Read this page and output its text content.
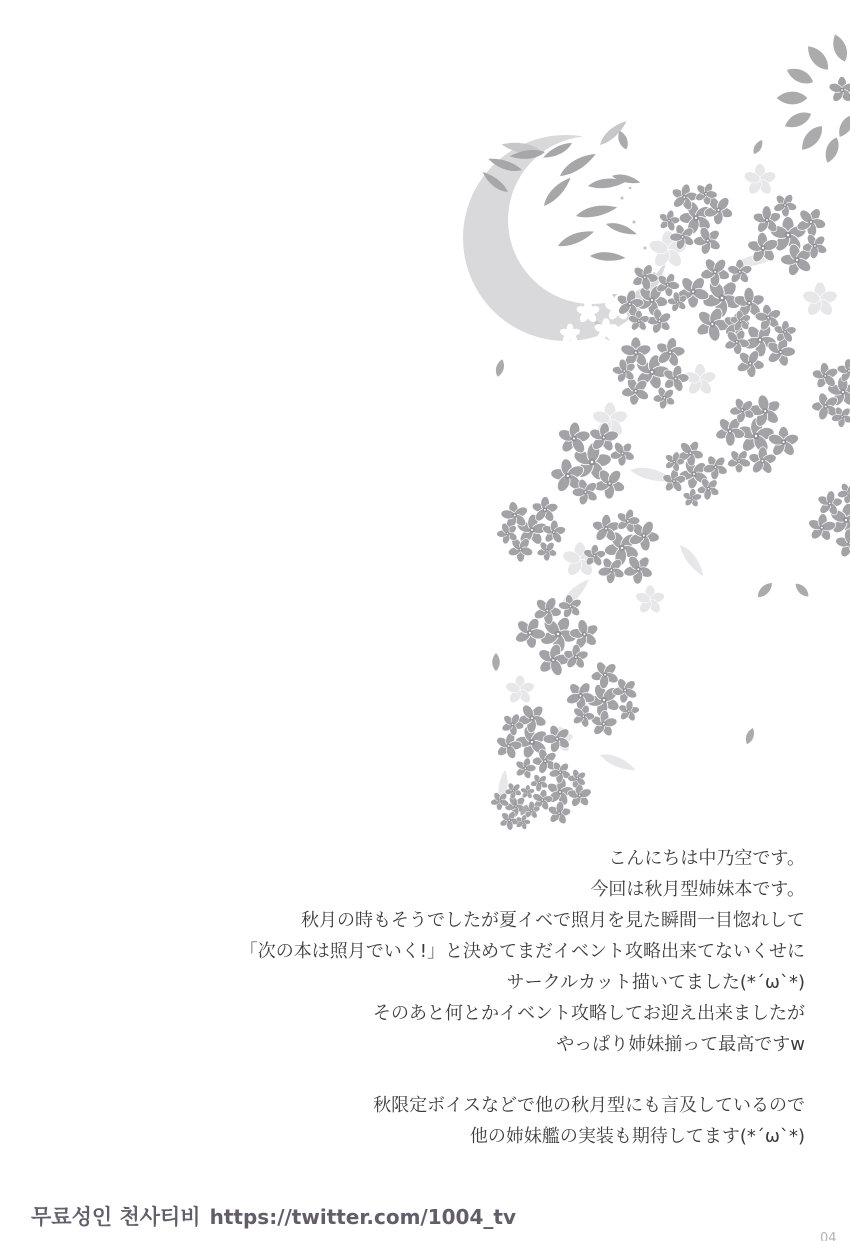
こんにちは中乃空です。
今回は秋月型姉妹本です。
秋月の時もそうでしたが夏イベで照月を見た瞬間一目惚れして
「次の本は照月でいく!」と決めてまだイベント攻略出来てないくせに
サークルカット描いてました(*´ω`*)
そのあと何とかイベント攻略してお迎え出来ましたが
やっぱり姉妹揃って最高ですw
秋限定ボイスなどで他の秋月型にも言及しているので
他の姉妹艦の実装も期待してます(*´ω`*)
무료성인 천사티비 https://twitter.com/1004_tv
04
